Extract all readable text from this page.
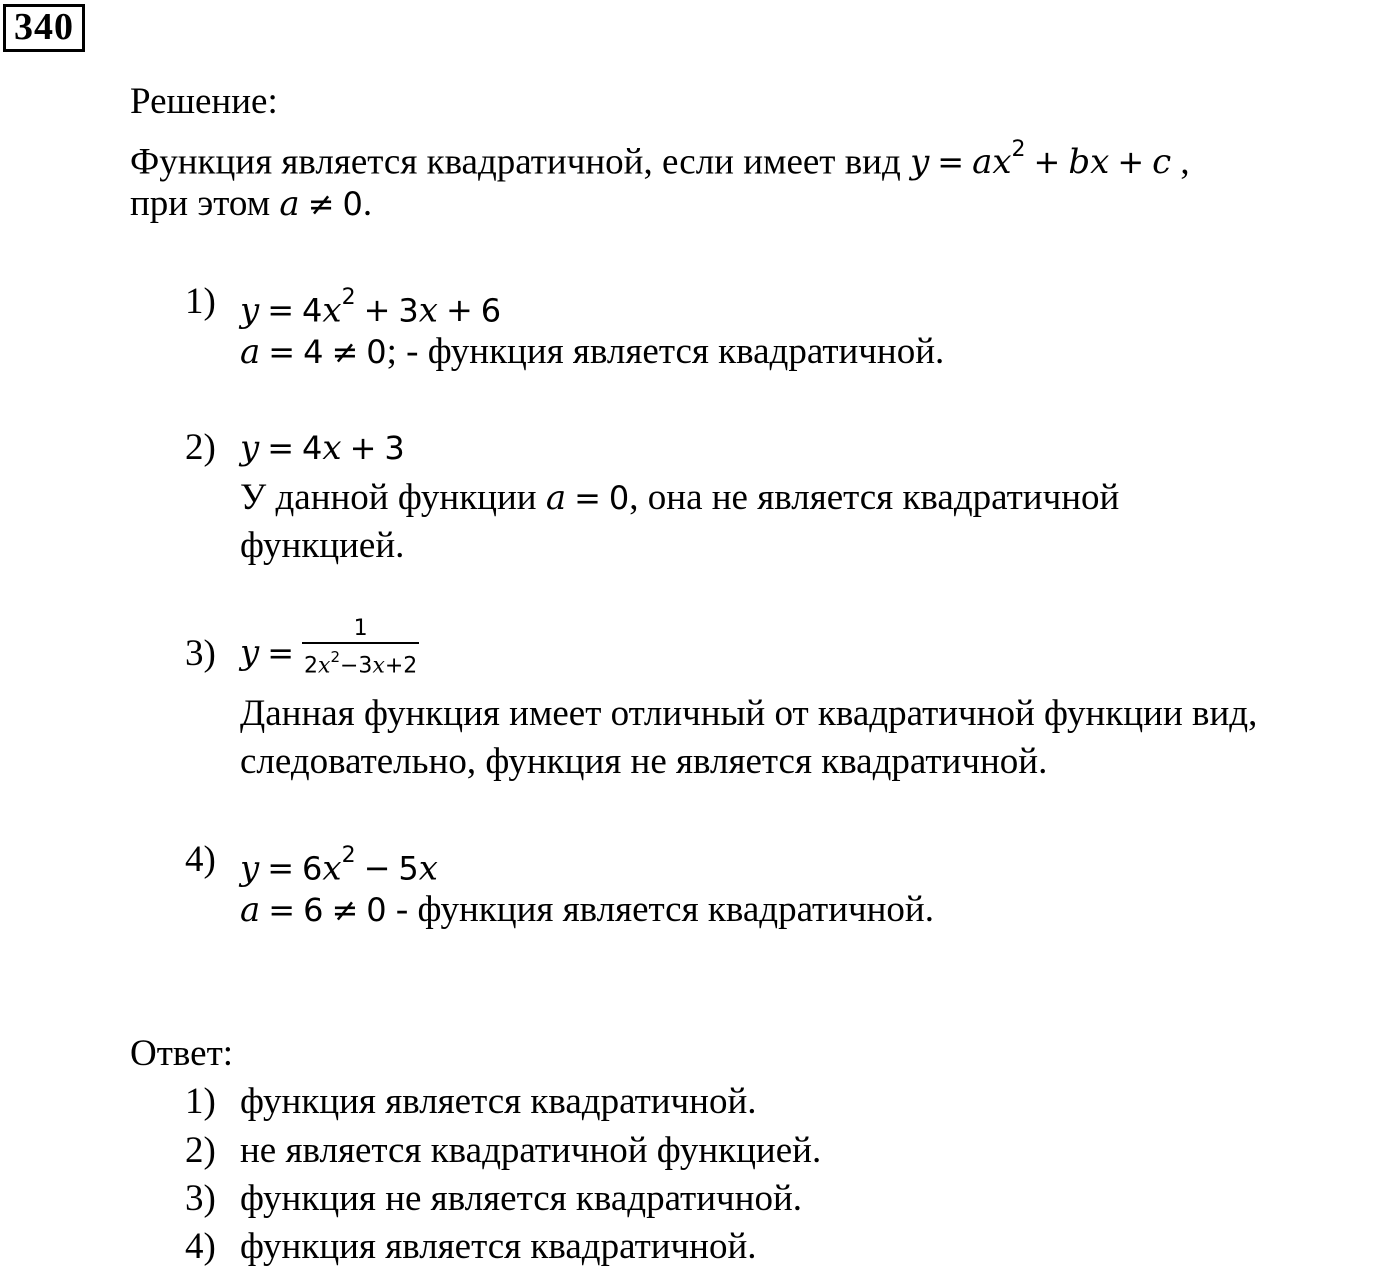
340
Решение:
Функция является квадратичной, если имеет вид $y = ax^2$ + bx + c ,
при этом a ≠ 0.
1) $y = 4x^2 + 3x + 6$
a = 4 ≠ 0; - функция является квадратичной.
2) y = 4x + 3
У данной функции a = 0, она не является квадратичной
функцией.
3) $y = \frac{1}{2x^2-3x+2}$
Данная функция имеет отличный от квадратичной функции вид,
следовательно, функция не является квадратичной.
4) $y = 6x^2 - 5x$
a = 6 ≠ 0 - функция является квадратичной.
Ответ:
1) функция является квадратичной.
2) не является квадратичной функцией.
3) функция не является квадратичной.
4) функция является квадратичной.
